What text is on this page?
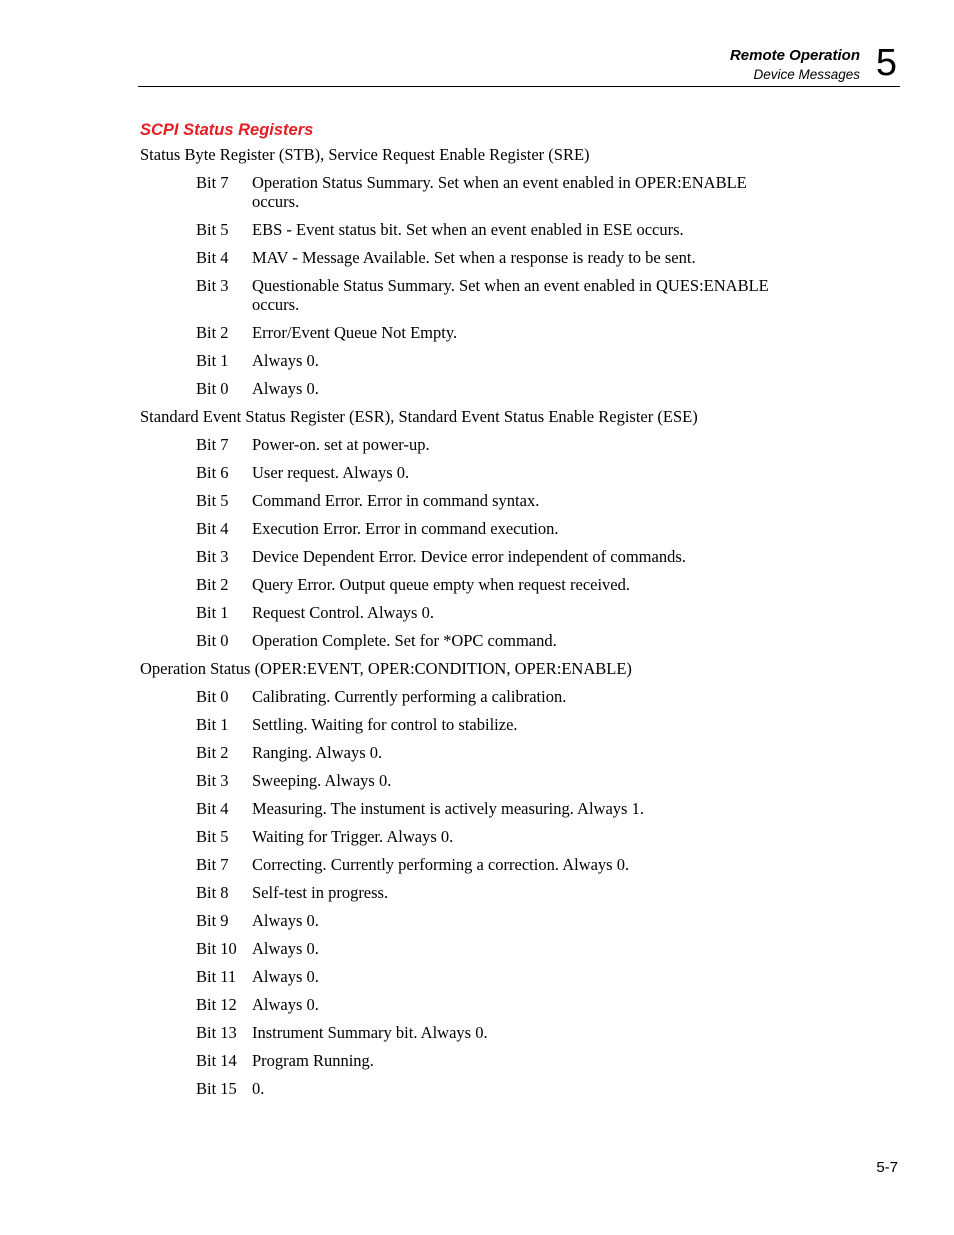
Remote Operation
Device Messages 5
SCPI Status Registers

Status Byte Register (STB), Service Request Enable Register (SRE)

Bit 7	Operation Status Summary. Set when an event enabled in OPER:ENABLE occurs.
Bit 5	EBS - Event status bit. Set when an event enabled in ESE occurs.
Bit 4	MAV - Message Available. Set when a response is ready to be sent.
Bit 3	Questionable Status Summary. Set when an event enabled in QUES:ENABLE occurs.
Bit 2	Error/Event Queue Not Empty.
Bit 1	Always 0.
Bit 0	Always 0.

Standard Event Status Register (ESR), Standard Event Status Enable Register (ESE)

Bit 7	Power-on. set at power-up.
Bit 6	User request. Always 0.
Bit 5	Command Error. Error in command syntax.
Bit 4	Execution Error. Error in command execution.
Bit 3	Device Dependent Error. Device error independent of commands.
Bit 2	Query Error. Output queue empty when request received.
Bit 1	Request Control. Always 0.
Bit 0	Operation Complete. Set for *OPC command.

Operation Status (OPER:EVENT, OPER:CONDITION, OPER:ENABLE)

Bit 0	Calibrating. Currently performing a calibration.
Bit 1	Settling. Waiting for control to stabilize.
Bit 2	Ranging. Always 0.
Bit 3	Sweeping. Always 0.
Bit 4	Measuring. The instument is actively measuring. Always 1.
Bit 5	Waiting for Trigger. Always 0.
Bit 7	Correcting. Currently performing a correction. Always 0.
Bit 8	Self-test in progress.
Bit 9	Always 0.
Bit 10 Always 0.
Bit 11 Always 0.
Bit 12 Always 0.
Bit 13 Instrument Summary bit. Always 0.
Bit 14 Program Running.
Bit 15 0.
5-7
